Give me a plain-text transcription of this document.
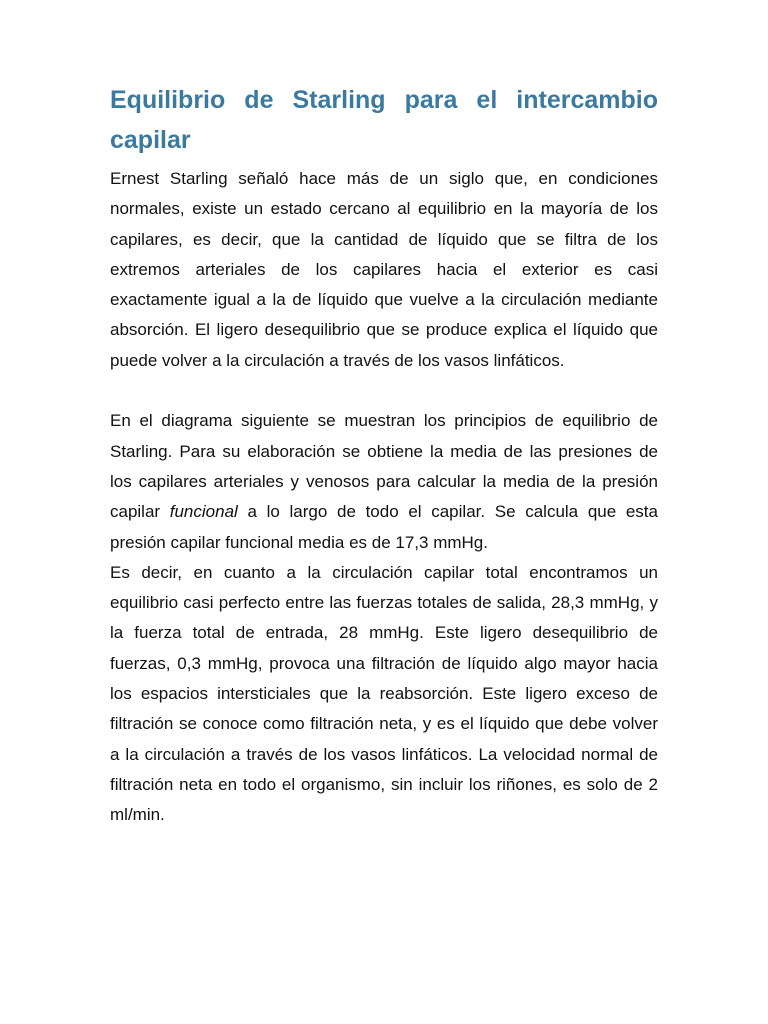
Equilibrio de Starling para el intercambio capilar

Ernest Starling señaló hace más de un siglo que, en condiciones normales, existe un estado cercano al equilibrio en la mayoría de los capilares, es decir, que la cantidad de líquido que se filtra de los extremos arteriales de los capilares hacia el exterior es casi exactamente igual a la de líquido que vuelve a la circulación mediante absorción. El ligero desequilibrio que se produce explica el líquido que puede volver a la circulación a través de los vasos linfáticos.

En el diagrama siguiente se muestran los principios de equilibrio de Starling. Para su elaboración se obtiene la media de las presiones de los capilares arteriales y venosos para calcular la media de la presión capilar funcional a lo largo de todo el capilar. Se calcula que esta presión capilar funcional media es de 17,3 mmHg.

Es decir, en cuanto a la circulación capilar total encontramos un equilibrio casi perfecto entre las fuerzas totales de salida, 28,3 mmHg, y la fuerza total de entrada, 28 mmHg. Este ligero desequilibrio de fuerzas, 0,3 mmHg, provoca una filtración de líquido algo mayor hacia los espacios intersticiales que la reabsorción. Este ligero exceso de filtración se conoce como filtración neta, y es el líquido que debe volver a la circulación a través de los vasos linfáticos. La velocidad normal de filtración neta en todo el organismo, sin incluir los riñones, es solo de 2 ml/min.
